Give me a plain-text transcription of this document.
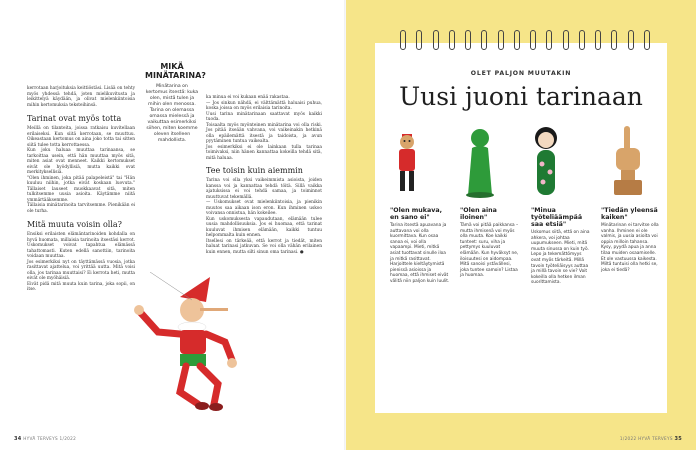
kerrotaan harjoituksia keittiöstäsi. Lisää on tehty myös yhdessä tehdä, joten mielikuvitusta ja leikittelyä käydään, ja olivat mielenkiintoisia mihin kertomuksia teksteihinsä.

Tarinat ovat myös totta

Meillä on tilanteita, joissa ratkaisu kuvitellaan erilaiseksi. Kun siitä kerrotaan, se muuttuu. Oikeastaan kertomus on aina joko totta tai sitten siitä tulee totta kerrottaessa.

Kun joku haluaa muuttaa tarinaansa, se tarkoittaa usein, että hän muuttaa myös sitä, miten asiat ovat menneet. Kaikki kertomukset eivät ole hyödyllisiä, mutta kaikki ovat merkityksellisiä.

"Olen ihminen, joka pitää palapeleistä" tai "Hän kuuluu niihin, jotka eivät koskaan luovuta." Tällaiset lauseet muokkaavat sitä, miten tulkitsemme uusia asioita. Käytämme niitä ymmärtääksemme.

Tällaisia minätarinoita tarvitsemme. Pienikään ei ole turha.

Mitä muuta voisin olla?

Ensiksi erilaisten elämäntarinoiden kohdalla on hyvä huomata, millaisia tarinoita itsestäsi kerrot. Uskomukset voivat tapahtua elämässä tahattomasti. Kuten edellä sanottiin, tarinoita voidaan muuttaa.

Jos esimerkiksi nyt on täyttämässä vuosia, jotka rasittavat ajattelua, voi yrittää uutta. Mitä voisi olla, jos tarinaa muuttaisi? Ei kerrota heti, mutta eivät ole myöhäisiä.

Eivät pidä mitä muuta kuin tarina, joka sopii, on itse.

MIKÄ MINÄTARINA?
Minätarina on kertomus itsestä: kuka olen, mistä tulen ja mihin olen menossa. Tarina on olemassa omassa mielessä ja vaikuttaa esimerkiksi siihen, miten koemme oleven itselleen mahdollista.

ka minua ei voi kukaan enää rakastaa.

— Jos sinkun nähdä, ei välttämättä haluaisi puhua, koska joissa on myös erilaisia tarinoita.

Uusi tarina minätarinaan saattavat myös kaikki tuoda.

Toisaalta myös myönteinen minätarina voi olla riski. Jos pitää itseään vahvana, voi vaikeinakin hetkinä olla epäilemättä itsestä ja taidoista, ja avun pyytäminen tuntua vaikealta.

Jos esimerkiksi ei ole lainkaan tulla tarinaa toimivaksi, niin hänen kannattaa kokeilla tehdä sitä, mitä haluaa.

Tee toisin kuin aiemmin

Tarina voi olla yksi vaikeimmista asioista, joiden kanssa voi ja kannattaa tehdä töitä. Sillä vaikka ajatuksissa ei voi tehdä samaa, ja toiminnot muuttuvat tekemällä.

— Uskomukset ovat mielenkiintoisia, ja pienikin muutos saa aikaan ison eron. Kun ihminen uskoo voivansa onnistua, hän kokeilee.

Kun uskomuksesta vapaudutaan, elämään tulee uusia mahdollisuuksia. Jos ei huomaa, että tarinat kuuluvat ihmisen elämään, kaikki tuntuu helpommalta kuin ennen.

Itsellesi on tärkeää, että kerrot ja tiedät, miten haluat tarinasi jatkuvan. Se voi olla vähän erilainen kuin ennen, mutta silti sinun oma tarinasi. ●

34 HYVÄ TERVEYS 1/2022
OLET PALJON MUUTAKIN
Uusi juoni tarinaan
"Olen mukava, en sano ei"
Tarina itsestä apuavana ja auttavana voi olla kuormittava. Kun osaa sanoa ei, voi olla vapaampi. Mieti, mitkä asiat tuottavat sinulle iloa ja mitkä rasittavat. Harjoittele kieltäytymistä pienissä asioissa ja huomaa, että ihmiset eivät välitä niin paljon kuin luulit.
"Olen aina iloinen"
Tämä voi pitää paikkansa – mutta ihmisenä voi myös olla muuta. Koe kaikki tunteet: suru, viha ja pettymys kuuluvat elämään. Kun hyväksyt ne, iloisuutesi on aidompaa. Mitä sanoisi ystävällesi, joka tuntee samoin? Listaa ja huomaa.
"Minua työteliäämpää saa etsiä"
Uskomus siitä, että on aina ahkera, voi johtaa uupumukseen. Mieti, mitä muuta sinussa on kuin työ. Lepo ja tekemättömyys ovat myös tärkeitä. Millä tavoin työteliäisyys auttaa ja millä tavoin se vie? Voit kokeilla olla hetken ilman suorittamista.
"Tiedän yleensä kaiken"
Minätarinan ei tarvitse olla vanha. Ihminen ei ole valmis, ja uusia asioita voi oppia milloin tahansa. Kysy, pyydä apua ja anna tilaa muiden osaamiselle. Et ole vastuussa kaikesta. Miltä tuntuisi olla hetki se, joka ei tiedä?
1/2022 HYVÄ TERVEYS 35
